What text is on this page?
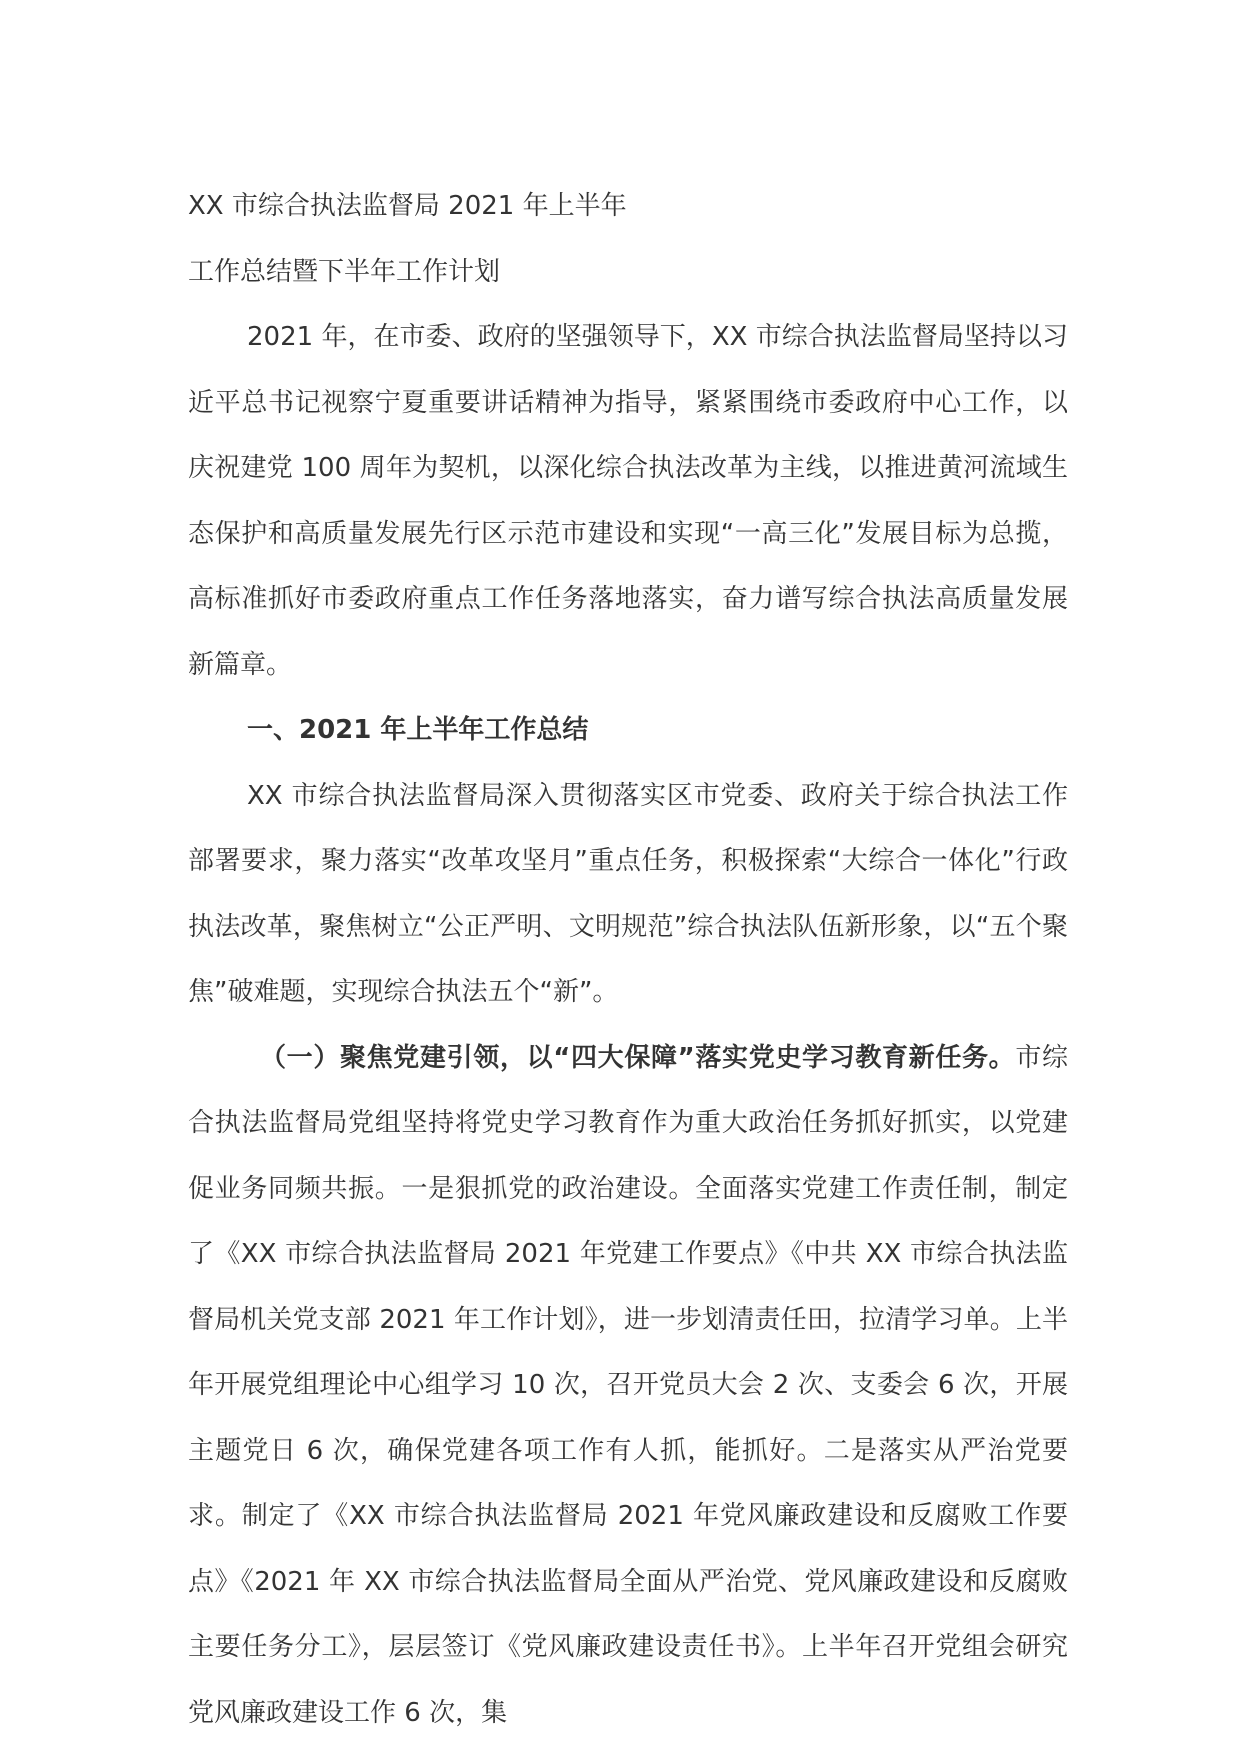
XX 市综合执法监督局 2021 年上半年

工作总结暨下半年工作计划

2021 年，在市委、政府的坚强领导下，XX 市综合执法监督局坚持以习近平总书记视察宁夏重要讲话精神为指导，紧紧围绕市委政府中心工作，以庆祝建党 100 周年为契机，以深化综合执法改革为主线，以推进黄河流域生态保护和高质量发展先行区示范市建设和实现“一高三化”发展目标为总揽，高标准抓好市委政府重点工作任务落地落实，奋力谱写综合执法高质量发展新篇章。

一、2021 年上半年工作总结

XX 市综合执法监督局深入贯彻落实区市党委、政府关于综合执法工作部署要求，聚力落实“改革攻坚月”重点任务，积极探索“大综合一体化”行政执法改革，聚焦树立“公正严明、文明规范”综合执法队伍新形象，以“五个聚焦”破难题，实现综合执法五个“新”。

（一）聚焦党建引领，以“四大保障”落实党史学习教育新任务。市综合执法监督局党组坚持将党史学习教育作为重大政治任务抓好抓实，以党建促业务同频共振。一是狠抓党的政治建设。全面落实党建工作责任制，制定了《XX 市综合执法监督局 2021 年党建工作要点》《中共 XX 市综合执法监督局机关党支部 2021 年工作计划》，进一步划清责任田，拉清学习单。上半年开展党组理论中心组学习 10 次，召开党员大会 2 次、支委会 6 次，开展主题党日 6 次，确保党建各项工作有人抓，能抓好。二是落实从严治党要求。制定了《XX 市综合执法监督局 2021 年党风廉政建设和反腐败工作要点》《2021 年 XX 市综合执法监督局全面从严治党、党风廉政建设和反腐败主要任务分工》，层层签订《党风廉政建设责任书》。上半年召开党组会研究党风廉政建设工作 6 次，集
